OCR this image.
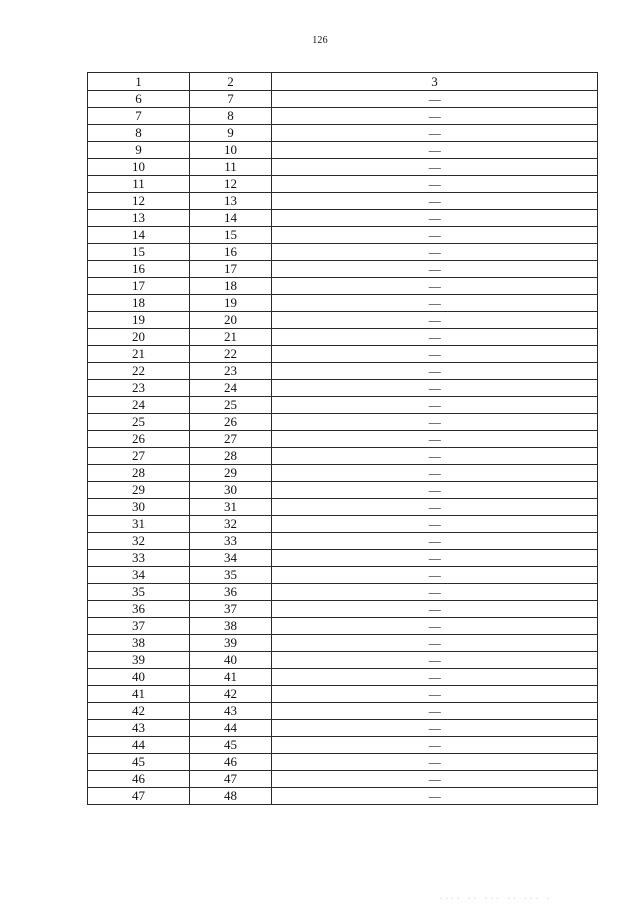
126
1	2	3
6	7	—
7	8	—
8	9	—
9	10	—
10	11	—
11	12	—
12	13	—
13	14	—
14	15	—
15	16	—
16	17	—
17	18	—
18	19	—
19	20	—
20	21	—
21	22	—
22	23	—
23	24	—
24	25	—
25	26	—
26	27	—
27	28	—
28	29	—
29	30	—
30	31	—
31	32	—
32	33	—
33	34	—
34	35	—
35	36	—
36	37	—
37	38	—
38	39	—
39	40	—
40	41	—
41	42	—
42	43	—
43	44	—
44	45	—
45	46	—
46	47	—
47	48	—
▪▪▪▪ ▪▪ ▪▪▪ ▪▪ ▪▪▪ ▪
